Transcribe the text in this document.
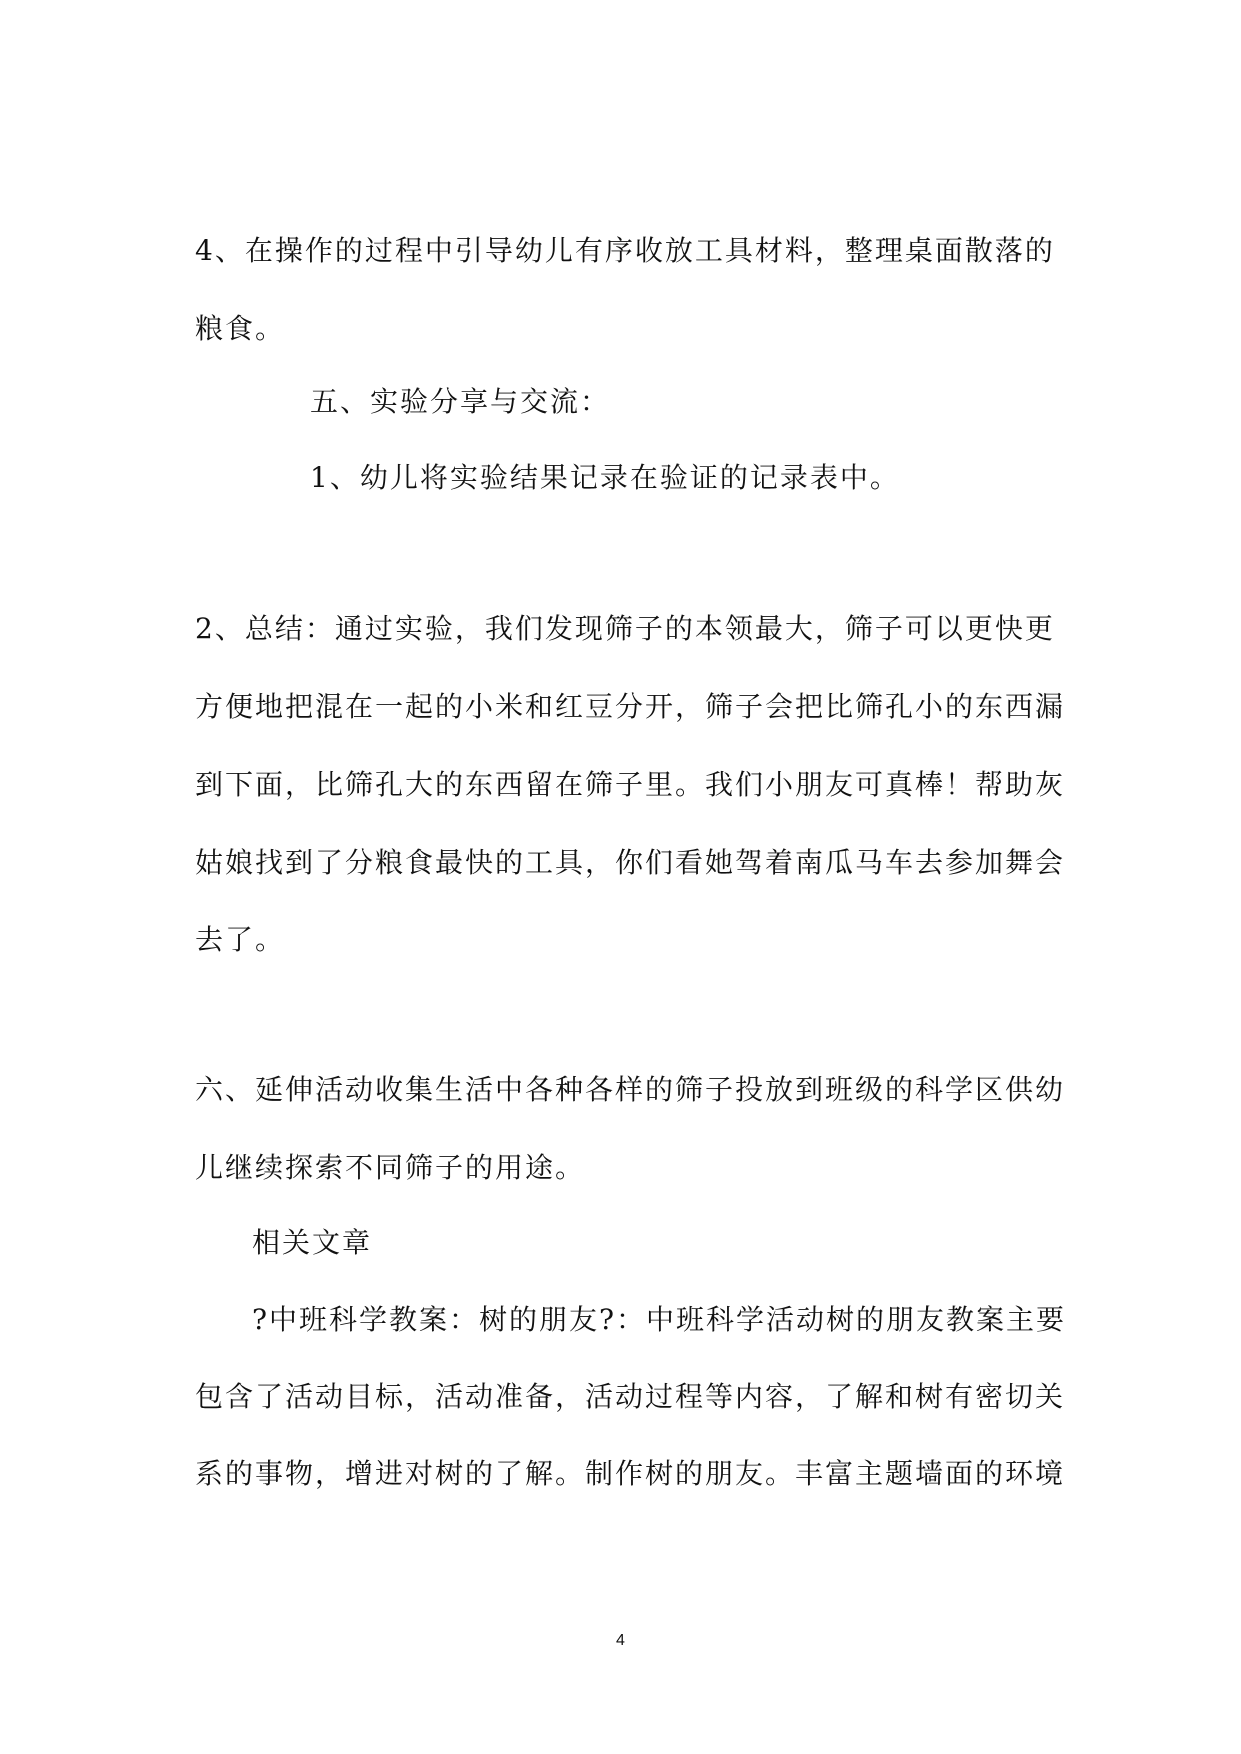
4、在操作的过程中引导幼儿有序收放工具材料，整理桌面散落的

粮食。

五、实验分享与交流：

1、幼儿将实验结果记录在验证的记录表中。

2、总结：通过实验，我们发现筛子的本领最大，筛子可以更快更

方便地把混在一起的小米和红豆分开，筛子会把比筛孔小的东西漏

到下面，比筛孔大的东西留在筛子里。我们小朋友可真棒！帮助灰

姑娘找到了分粮食最快的工具，你们看她驾着南瓜马车去参加舞会

去了。

六、延伸活动收集生活中各种各样的筛子投放到班级的科学区供幼

儿继续探索不同筛子的用途。

相关文章

?中班科学教案：树的朋友?：中班科学活动树的朋友教案主要

包含了活动目标，活动准备，活动过程等内容，了解和树有密切关

系的事物，增进对树的了解。制作树的朋友。丰富主题墙面的环境

4
